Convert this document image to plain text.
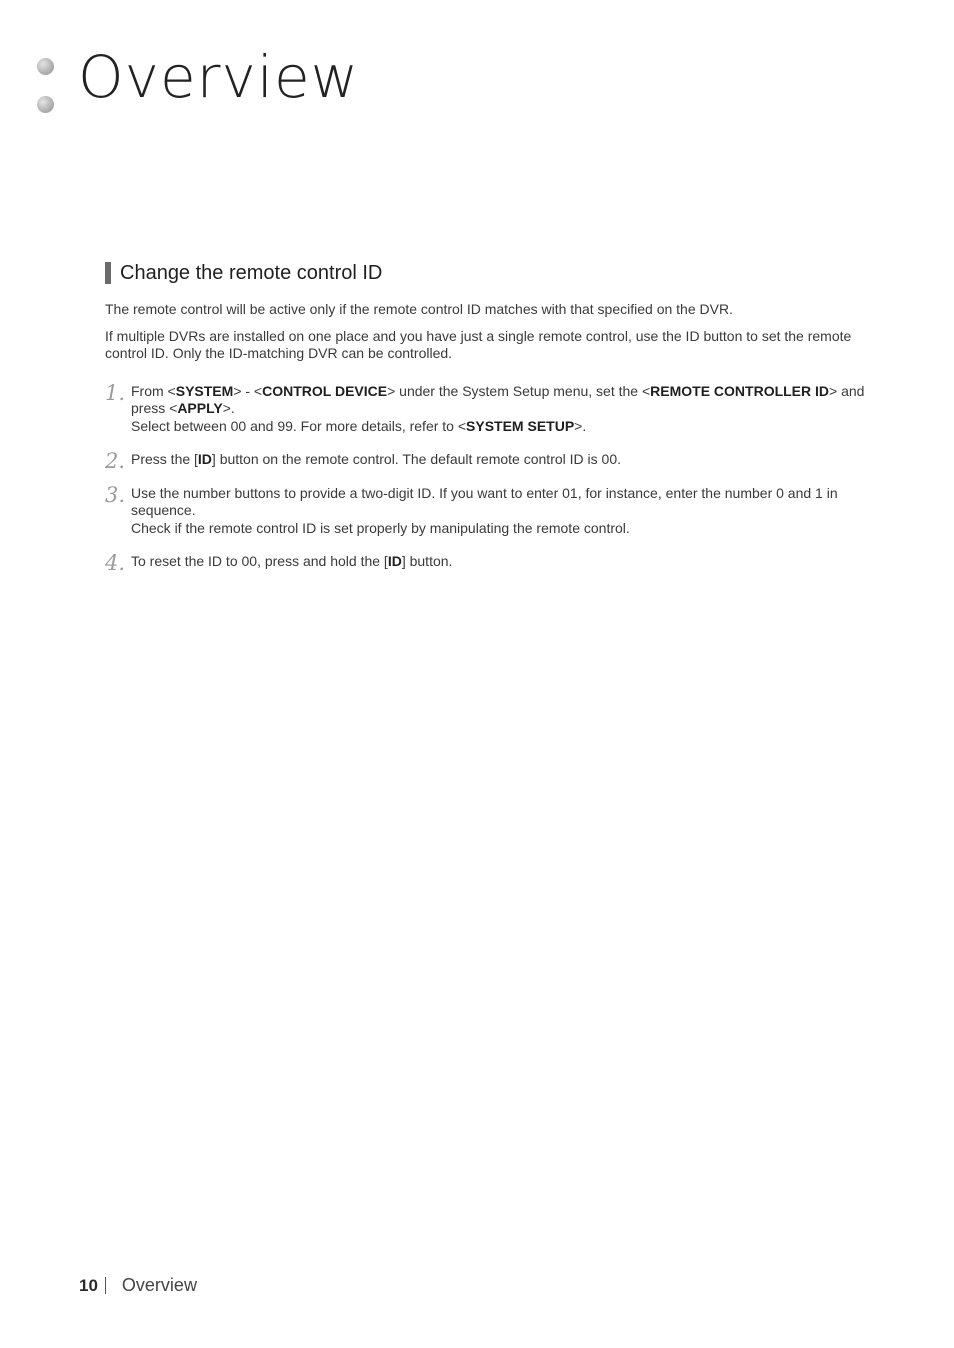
Overview
Change the remote control ID

The remote control will be active only if the remote control ID matches with that specified on the DVR.

If multiple DVRs are installed on one place and you have just a single remote control, use the ID button to set the remote control ID. Only the ID-matching DVR can be controlled.

1. From <SYSTEM> - <CONTROL DEVICE> under the System Setup menu, set the <REMOTE CONTROLLER ID> and press <APPLY>.
Select between 00 and 99. For more details, refer to <SYSTEM SETUP>.
2. Press the [ID] button on the remote control. The default remote control ID is 00.
3. Use the number buttons to provide a two-digit ID. If you want to enter 01, for instance, enter the number 0 and 1 in sequence.
Check if the remote control ID is set properly by manipulating the remote control.
4. To reset the ID to 00, press and hold the [ID] button.
10 Overview
